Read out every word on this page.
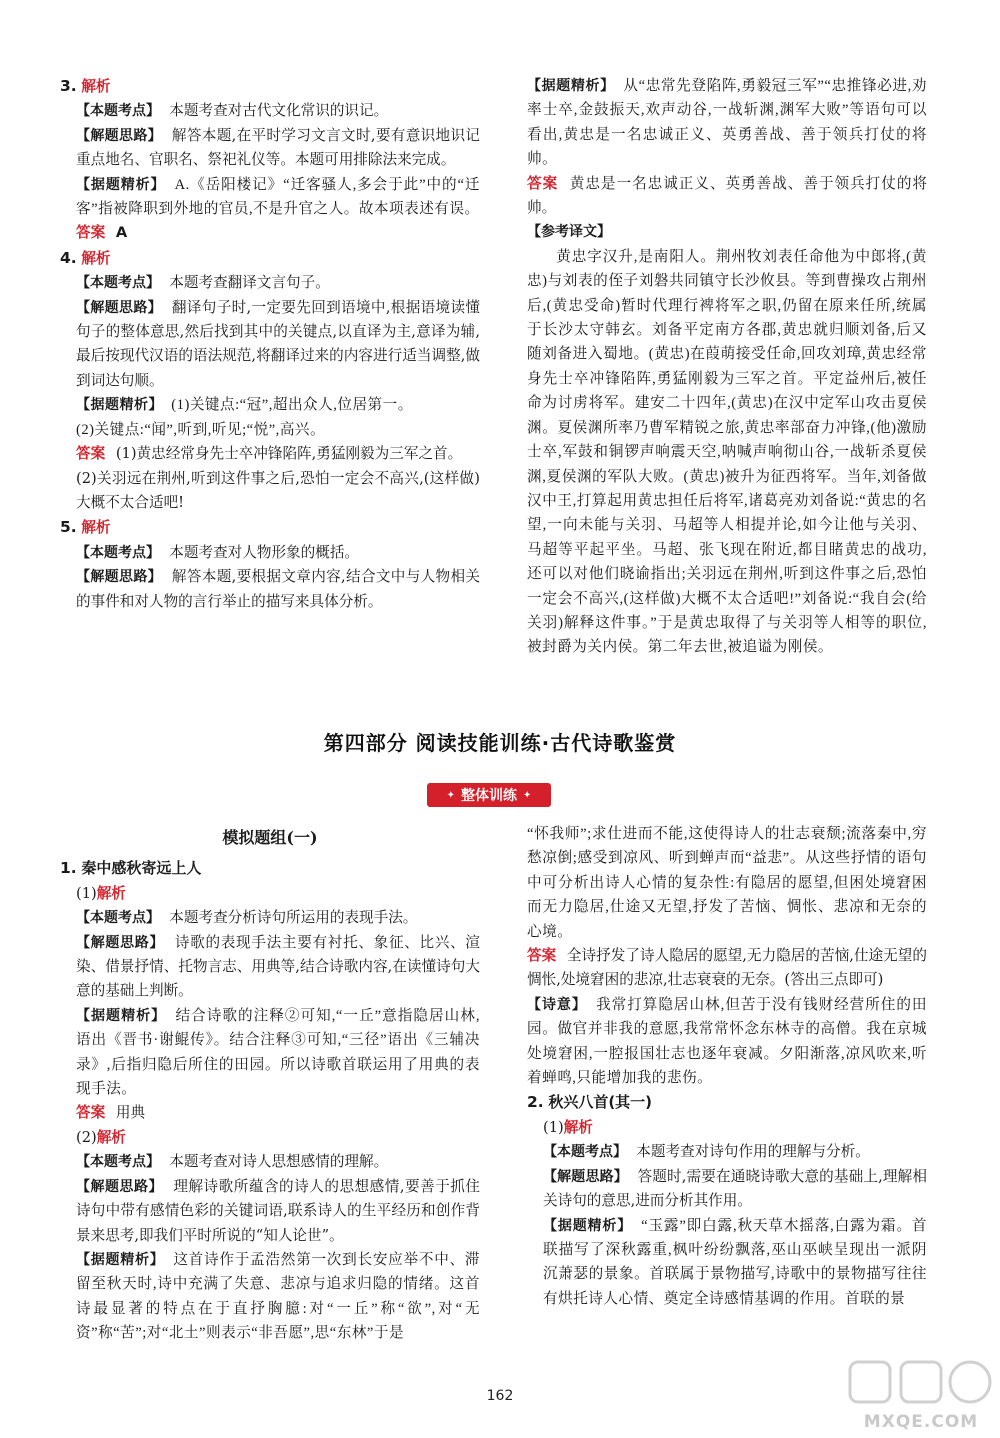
3. 解析

【本题考点】 本题考查对古代文化常识的识记。

【解题思路】 解答本题,在平时学习文言文时,要有意识地识记重点地名、官职名、祭祀礼仪等。本题可用排除法来完成。

【据题精析】 A.《岳阳楼记》“迁客骚人,多会于此”中的“迁客”指被降职到外地的官员,不是升官之人。故本项表述有误。

答案 A

4. 解析

【本题考点】 本题考查翻译文言句子。

【解题思路】 翻译句子时,一定要先回到语境中,根据语境读懂句子的整体意思,然后找到其中的关键点,以直译为主,意译为辅,最后按现代汉语的语法规范,将翻译过来的内容进行适当调整,做到词达句顺。

【据题精析】 (1)关键点:“冠”,超出众人,位居第一。

(2)关键点:“闻”,听到,听见;“悦”,高兴。

答案 (1)黄忠经常身先士卒冲锋陷阵,勇猛刚毅为三军之首。

(2)关羽远在荆州,听到这件事之后,恐怕一定会不高兴,(这样做)大概不太合适吧!

5. 解析

【本题考点】 本题考查对人物形象的概括。

【解题思路】 解答本题,要根据文章内容,结合文中与人物相关的事件和对人物的言行举止的描写来具体分析。

【据题精析】 从“忠常先登陷阵,勇毅冠三军”“忠推锋必进,劝率士卒,金鼓振天,欢声动谷,一战斩渊,渊军大败”等语句可以看出,黄忠是一名忠诚正义、英勇善战、善于领兵打仗的将帅。

答案 黄忠是一名忠诚正义、英勇善战、善于领兵打仗的将帅。

【参考译文】

黄忠字汉升,是南阳人。荆州牧刘表任命他为中郎将,(黄忠)与刘表的侄子刘磐共同镇守长沙攸县。等到曹操攻占荆州后,(黄忠受命)暂时代理行裨将军之职,仍留在原来任所,统属于长沙太守韩玄。刘备平定南方各郡,黄忠就归顺刘备,后又随刘备进入蜀地。(黄忠)在葭萌接受任命,回攻刘璋,黄忠经常身先士卒冲锋陷阵,勇猛刚毅为三军之首。平定益州后,被任命为讨虏将军。建安二十四年,(黄忠)在汉中定军山攻击夏侯渊。夏侯渊所率乃曹军精锐之旅,黄忠率部奋力冲锋,(他)激励士卒,军鼓和铜锣声响震天空,呐喊声响彻山谷,一战斩杀夏侯渊,夏侯渊的军队大败。(黄忠)被升为征西将军。当年,刘备做汉中王,打算起用黄忠担任后将军,诸葛亮劝刘备说:“黄忠的名望,一向未能与关羽、马超等人相提并论,如今让他与关羽、马超等平起平坐。马超、张飞现在附近,都目睹黄忠的战功,还可以对他们晓谕指出;关羽远在荆州,听到这件事之后,恐怕一定会不高兴,(这样做)大概不太合适吧!”刘备说:“我自会(给关羽)解释这件事。”于是黄忠取得了与关羽等人相等的职位,被封爵为关内侯。第二年去世,被追谥为刚侯。

第四部分 阅读技能训练·古代诗歌鉴赏
✦ 整体训练 ✦

模拟题组(一)

1. 秦中感秋寄远上人

(1)解析

【本题考点】 本题考查分析诗句所运用的表现手法。

【解题思路】 诗歌的表现手法主要有衬托、象征、比兴、渲染、借景抒情、托物言志、用典等,结合诗歌内容,在读懂诗句大意的基础上判断。

【据题精析】 结合诗歌的注释②可知,“一丘”意指隐居山林,语出《晋书·谢鲲传》。结合注释③可知,“三径”语出《三辅决录》,后指归隐后所住的田园。所以诗歌首联运用了用典的表现手法。

答案 用典

(2)解析

【本题考点】 本题考查对诗人思想感情的理解。

【解题思路】 理解诗歌所蕴含的诗人的思想感情,要善于抓住诗句中带有感情色彩的关键词语,联系诗人的生平经历和创作背景来思考,即我们平时所说的“知人论世”。

【据题精析】 这首诗作于孟浩然第一次到长安应举不中、滞留至秋天时,诗中充满了失意、悲凉与追求归隐的情绪。这首诗最显著的特点在于直抒胸臆:对“一丘”称“欲”,对“无资”称“苦”;对“北土”则表示“非吾愿”,思“东林”于是

“怀我师”;求仕进而不能,这使得诗人的壮志衰颓;流落秦中,穷愁凉倒;感受到凉风、听到蝉声而“益悲”。从这些抒情的语句中可分析出诗人心情的复杂性:有隐居的愿望,但困处境窘困而无力隐居,仕途又无望,抒发了苦恼、惆怅、悲凉和无奈的心境。

答案 全诗抒发了诗人隐居的愿望,无力隐居的苦恼,仕途无望的惆怅,处境窘困的悲凉,壮志衰衰的无奈。(答出三点即可)

【诗意】 我常打算隐居山林,但苦于没有钱财经营所住的田园。做官并非我的意愿,我常常怀念东林寺的高僧。我在京城处境窘困,一腔报国壮志也逐年衰减。夕阳渐落,凉风吹来,听着蝉鸣,只能增加我的悲伤。

2. 秋兴八首(其一)

(1)解析

【本题考点】 本题考查对诗句作用的理解与分析。

【解题思路】 答题时,需要在通晓诗歌大意的基础上,理解相关诗句的意思,进而分析其作用。

【据题精析】 “玉露”即白露,秋天草木摇落,白露为霜。首联描写了深秋露重,枫叶纷纷飘落,巫山巫峡呈现出一派阴沉萧瑟的景象。首联属于景物描写,诗歌中的景物描写往往有烘托诗人心情、奠定全诗感情基调的作用。首联的景

162
MXQE.COM
